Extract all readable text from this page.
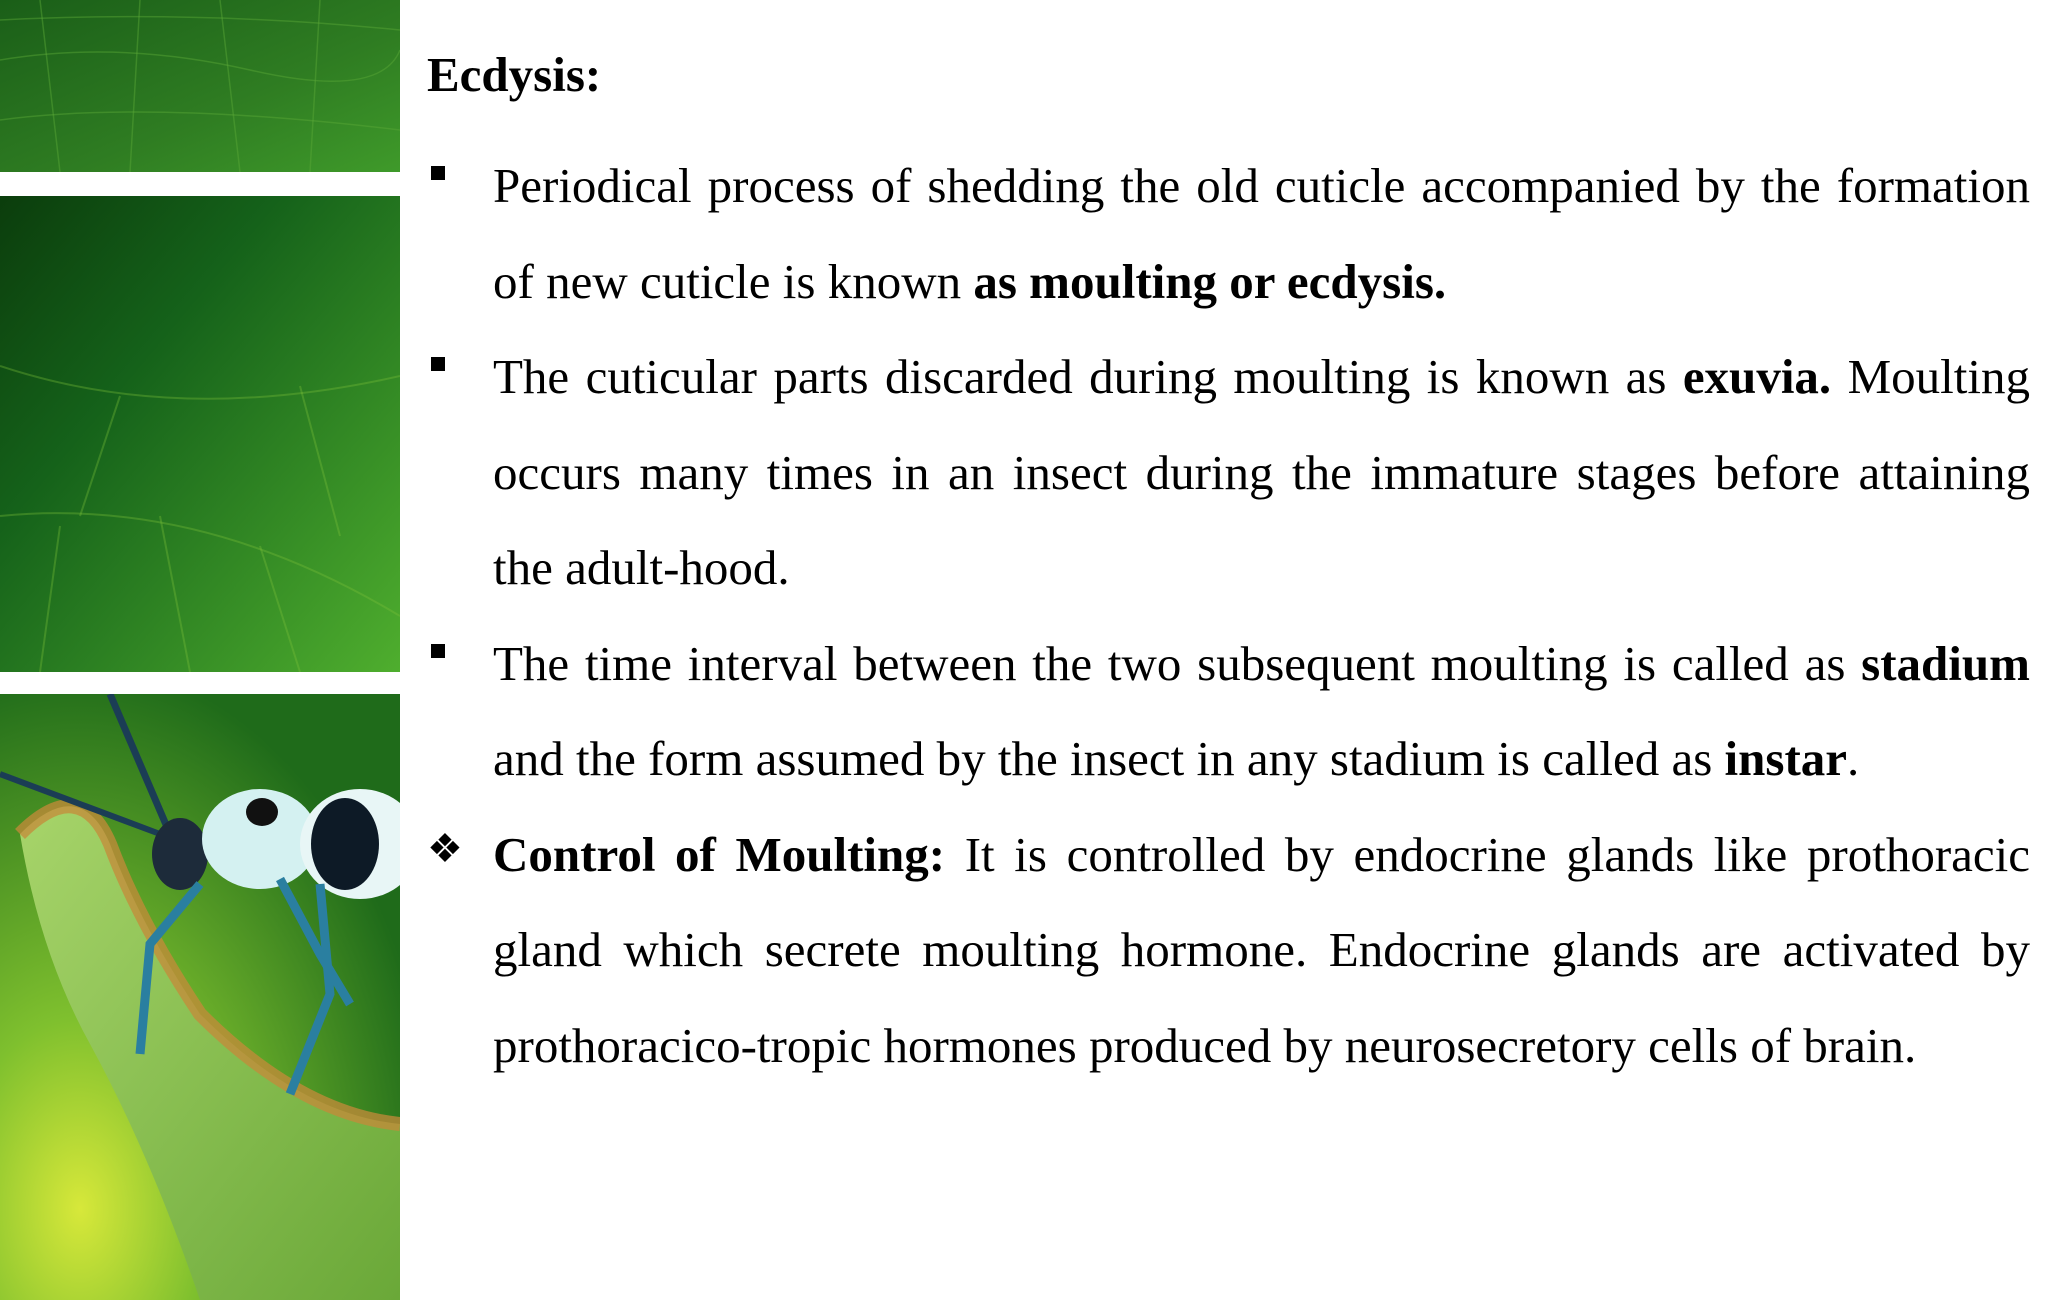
Ecdysis:

Periodical process of shedding the old cuticle accompanied by the formation of new cuticle is known as moulting or ecdysis.

The cuticular parts discarded during moulting is known as exuvia. Moulting occurs many times in an insect during the immature stages before attaining the adult-hood.

The time interval between the two subsequent moulting is called as stadium and the form assumed by the insect in any stadium is called as instar.

❖ Control of Moulting: It is controlled by endocrine glands like prothoracic gland which secrete moulting hormone. Endocrine glands are activated by prothoracico-tropic hormones produced by neurosecretory cells of brain.
